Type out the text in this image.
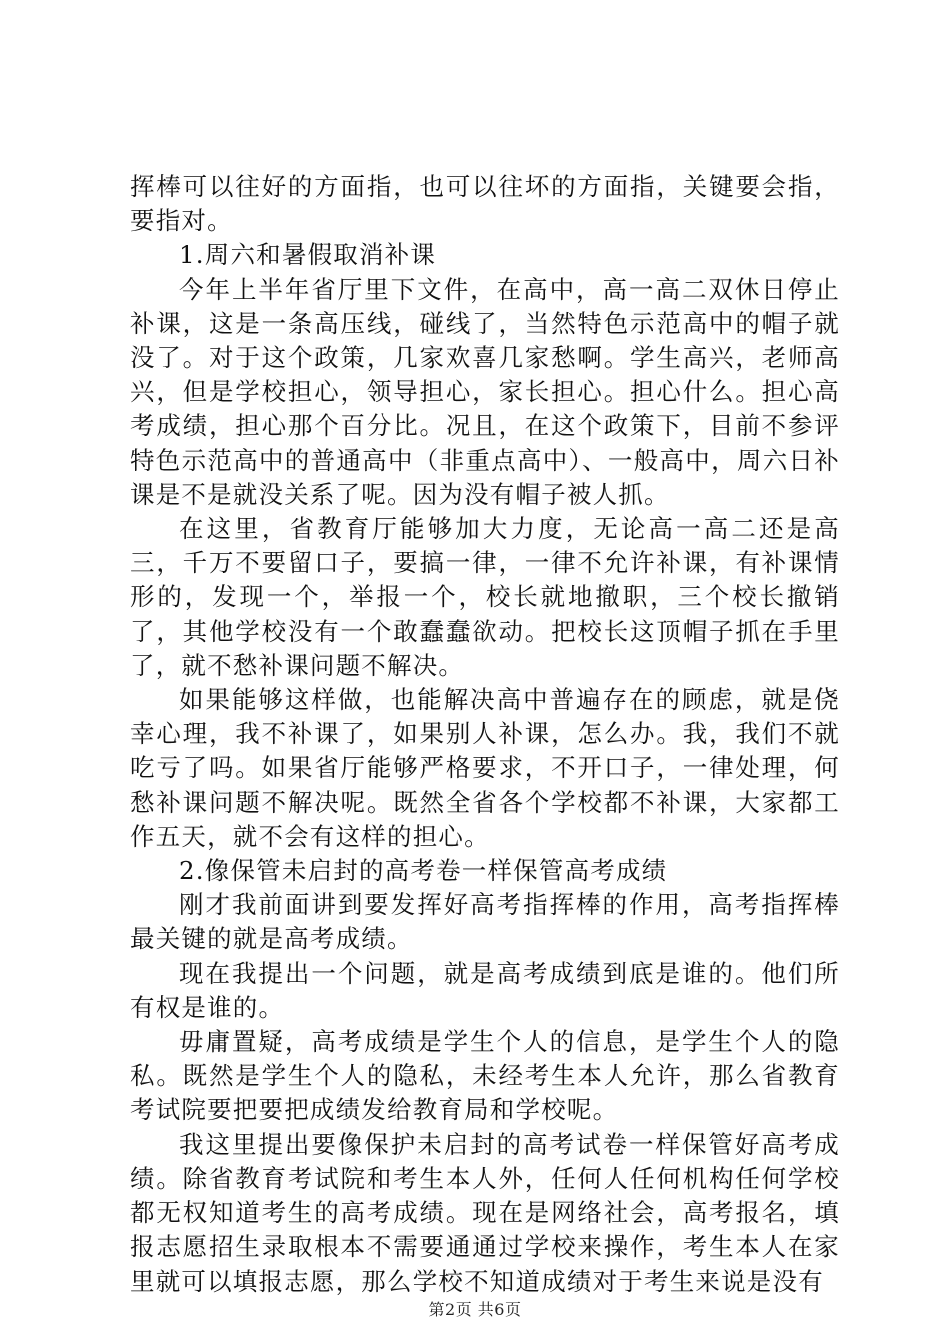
挥棒可以往好的方面指，也可以往坏的方面指，关键要会指，要指对。

1.周六和暑假取消补课

今年上半年省厅里下文件，在高中，高一高二双休日停止补课，这是一条高压线，碰线了，当然特色示范高中的帽子就没了。对于这个政策，几家欢喜几家愁啊。学生高兴，老师高兴，但是学校担心，领导担心，家长担心。担心什么。担心高考成绩，担心那个百分比。况且，在这个政策下，目前不参评特色示范高中的普通高中（非重点高中）、一般高中，周六日补课是不是就没关系了呢。因为没有帽子被人抓。

在这里，省教育厅能够加大力度，无论高一高二还是高三，千万不要留口子，要搞一律，一律不允许补课，有补课情形的，发现一个，举报一个，校长就地撤职，三个校长撤销了，其他学校没有一个敢蠢蠢欲动。把校长这顶帽子抓在手里了，就不愁补课问题不解决。

如果能够这样做，也能解决高中普遍存在的顾虑，就是侥幸心理，我不补课了，如果别人补课，怎么办。我，我们不就吃亏了吗。如果省厅能够严格要求，不开口子，一律处理，何愁补课问题不解决呢。既然全省各个学校都不补课，大家都工作五天，就不会有这样的担心。

2.像保管未启封的高考卷一样保管高考成绩

刚才我前面讲到要发挥好高考指挥棒的作用，高考指挥棒最关键的就是高考成绩。

现在我提出一个问题，就是高考成绩到底是谁的。他们所有权是谁的。

毋庸置疑，高考成绩是学生个人的信息，是学生个人的隐私。既然是学生个人的隐私，未经考生本人允许，那么省教育考试院要把要把成绩发给教育局和学校呢。

我这里提出要像保护未启封的高考试卷一样保管好高考成绩。除省教育考试院和考生本人外，任何人任何机构任何学校都无权知道考生的高考成绩。现在是网络社会，高考报名，填报志愿招生录取根本不需要通通过学校来操作，考生本人在家里就可以填报志愿，那么学校不知道成绩对于考生来说是没有

第2页 共6页
